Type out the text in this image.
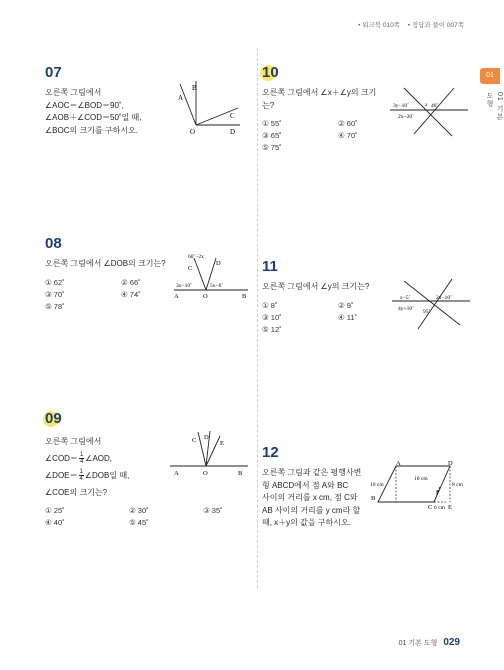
• 워크북 010쪽 • 정답과 풀이 007쪽
01
01 기본 도형
07
오른쪽 그림에서
∠AOC＝∠BOD＝90˚,
∠AOB＋∠COD＝50˚일 때,
∠BOC의 크기를 구하시오.
A
B
C
D
O
08
오른쪽 그림에서 ∠DOB의 크기는?
① 62˚	② 66˚
③ 70˚	④ 74˚
⑤ 78˚
60˚−2x
D
C
3x−10˚	5x−6˚
A	O	B
09
오른쪽 그림에서
∠COD＝ $\frac{1}{4}$ ∠AOD,
∠DOE＝ $\frac{1}{4}$ ∠DOB일 때,
∠COE의 크기는?
① 25˚	② 30˚	③ 35˚
④ 40˚	⑤ 45˚
C D
E
A	O	B
10
오른쪽 그림에서 ∠x＋∠y의 크기
는?
① 55˚	② 60˚
③ 65˚	④ 70˚
⑤ 75˚
3y−10˚	x 40˚
2x−20˚
11
오른쪽 그림에서 ∠y의 크기는?
① 8˚	② 9˚
③ 10˚	④ 11˚
⑤ 12˚
x−5˚	2x−10˚
4y+10˚ 95˚
12
오른쪽 그림과 같은 평행사변
형 ABCD에서 점 A와 BC
사이의 거리를 x cm, 점 C와
AB 사이의 거리를 y cm라 할
때, x＋y의 값을 구하시오.
A	D
B
C E
F
10 cm
10 cm	8 cm
6 cm
01 기본 도형 029
